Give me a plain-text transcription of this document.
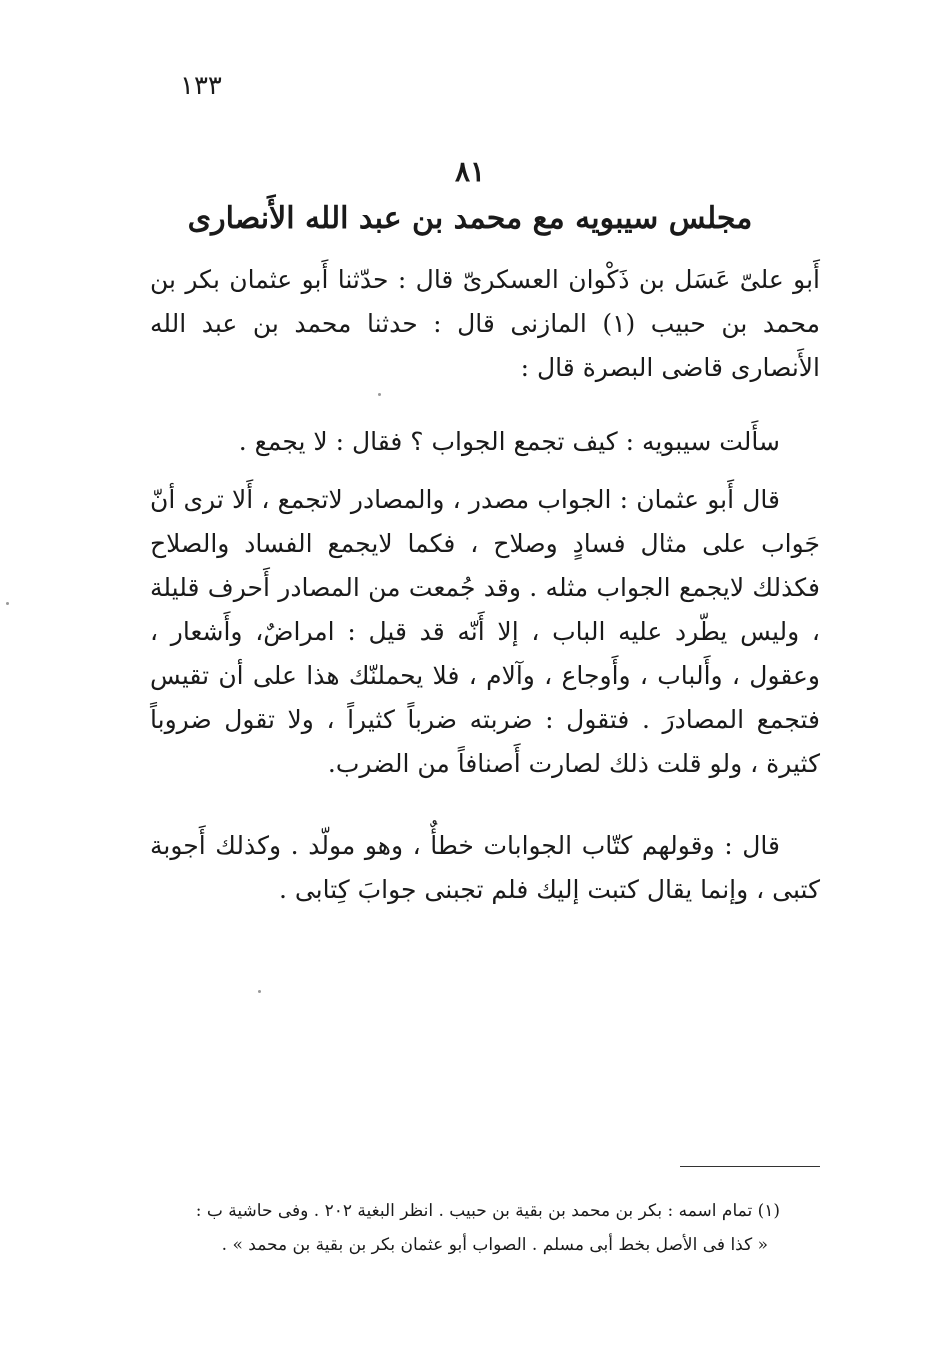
١٣٣
٨١
مجلس سيبويه مع محمد بن عبد الله الأَنصارى

أَبو علىّ عَسَل بن ذَكْوان العسكرىّ قال : حدّثنا أَبو عثمان بكر بن محمد بن حبيب (١) المازنى قال : حدثنا محمد بن عبد الله الأَنصارى قاضى البصرة قال :

سأَلت سيبويه : كيف تجمع الجواب ؟ فقال : لا يجمع .

قال أَبو عثمان : الجواب مصدر ، والمصادر لاتجمع ، أَلا ترى أنّ جَواب على مثال فسادٍ وصلاح ، فكما لايجمع الفساد والصلاح فكذلك لايجمع الجواب مثله . وقد جُمعت من المصادر أَحرف قليلة ، وليس يطّرد عليه الباب ، إلا أَنّه قد قيل : امراضٌ، وأَشعار ، وعقول ، وأَلباب ، وأَوجاع ، وآلام ، فلا يحملنّك هذا على أن تقيس فتجمع المصادرَ . فتقول : ضربته ضرباً كثيراً ، ولا تقول ضروباً كثيرة ، ولو قلت ذلك لصارت أَصنافاً من الضرب.

قال : وقولهم كتّاب الجوابات خطأٌ ، وهو مولّد . وكذلك أَجوبة كتبى ، وإنما يقال كتبت إليك فلم تجبنى جوابَ كِتابى .

(١) تمام اسمه : بكر بن محمد بن بقية بن حبيب . انظر البغية ٢٠٢ . وفى حاشية ب :
« كذا فى الأصل بخط أبى مسلم . الصواب أبو عثمان بكر بن بقية بن محمد » .
